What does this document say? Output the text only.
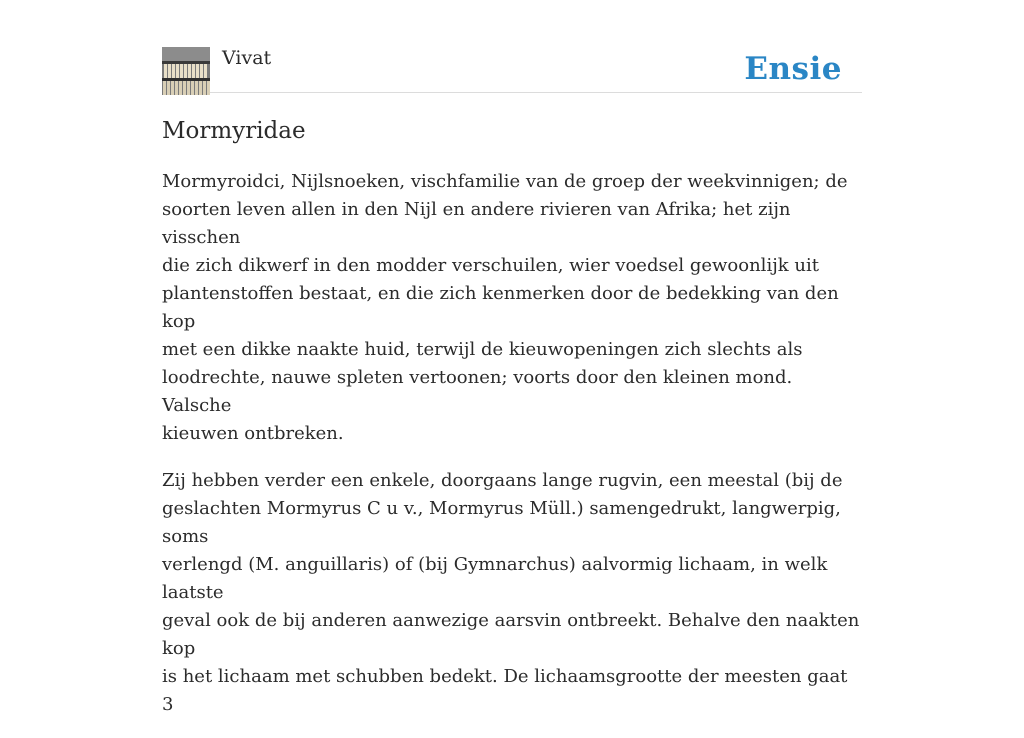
Vivat	Ensie
Mormyridae

Mormyroidci, Nijlsnoeken, vischfamilie van de groep der weekvinnigen; de
soorten leven allen in den Nijl en andere rivieren van Afrika; het zijn visschen
die zich dikwerf in den modder verschuilen, wier voedsel gewoonlijk uit
plantenstoffen bestaat, en die zich kenmerken door de bedekking van den kop
met een dikke naakte huid, terwijl de kieuwopeningen zich slechts als
loodrechte, nauwe spleten vertoonen; voorts door den kleinen mond. Valsche
kieuwen ontbreken.

Zij hebben verder een enkele, doorgaans lange rugvin, een meestal (bij de
geslachten Mormyrus C u v., Mormyrus Müll.) samengedrukt, langwerpig, soms
verlengd (M. anguillaris) of (bij Gymnarchus) aalvormig lichaam, in welk laatste
geval ook de bij anderen aanwezige aarsvin ontbreekt. Behalve den naakten kop
is het lichaam met schubben bedekt. De lichaamsgrootte der meesten gaat 3
